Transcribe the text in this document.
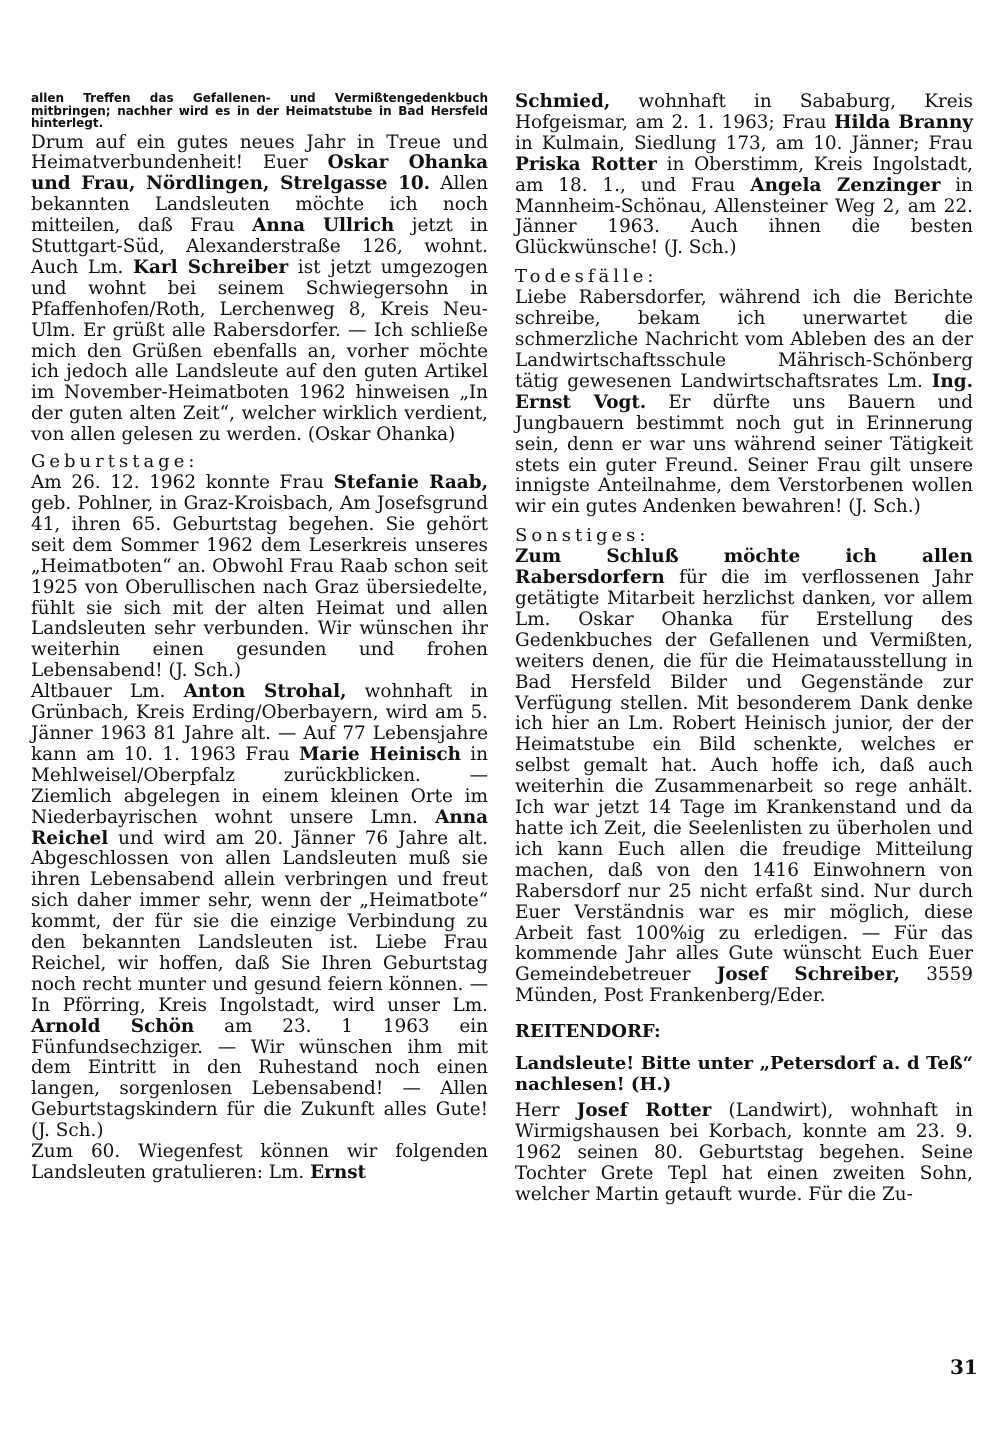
allen Treffen das Gefallenen- und Vermißtengedenkbuch mitbringen; nachher wird es in der Heimatstube in Bad Hersfeld hinterlegt.

Drum auf ein gutes neues Jahr in Treue und Heimatverbundenheit! Euer Oskar Ohanka und Frau, Nördlingen, Strelgasse 10. Allen bekannten Landsleuten möchte ich noch mitteilen, daß Frau Anna Ullrich jetzt in Stuttgart-Süd, Alexanderstraße 126, wohnt. Auch Lm. Karl Schreiber ist jetzt umgezogen und wohnt bei seinem Schwiegersohn in Pfaffenhofen/Roth, Lerchenweg 8, Kreis Neu-Ulm. Er grüßt alle Rabersdorfer. — Ich schließe mich den Grüßen ebenfalls an, vorher möchte ich jedoch alle Landsleute auf den guten Artikel im November-Heimatboten 1962 hinweisen „In der guten alten Zeit“, welcher wirklich verdient, von allen gelesen zu werden. (Oskar Ohanka)

Geburtstage:

Am 26. 12. 1962 konnte Frau Stefanie Raab, geb. Pohlner, in Graz-Kroisbach, Am Josefsgrund 41, ihren 65. Geburtstag begehen. Sie gehört seit dem Sommer 1962 dem Leserkreis unseres „Heimatboten“ an. Obwohl Frau Raab schon seit 1925 von Oberullischen nach Graz übersiedelte, fühlt sie sich mit der alten Heimat und allen Landsleuten sehr verbunden. Wir wünschen ihr weiterhin einen gesunden und frohen Lebensabend! (J. Sch.)

Altbauer Lm. Anton Strohal, wohnhaft in Grünbach, Kreis Erding/Oberbayern, wird am 5. Jänner 1963 81 Jahre alt. — Auf 77 Lebensjahre kann am 10. 1. 1963 Frau Marie Heinisch in Mehlweisel/Oberpfalz zurückblicken. — Ziemlich abgelegen in einem kleinen Orte im Niederbayrischen wohnt unsere Lmn. Anna Reichel und wird am 20. Jänner 76 Jahre alt. Abgeschlossen von allen Landsleuten muß sie ihren Lebensabend allein verbringen und freut sich daher immer sehr, wenn der „Heimatbote“ kommt, der für sie die einzige Verbindung zu den bekannten Landsleuten ist. Liebe Frau Reichel, wir hoffen, daß Sie Ihren Geburtstag noch recht munter und gesund feiern können. — In Pförring, Kreis Ingolstadt, wird unser Lm. Arnold Schön am 23. 1 1963 ein Fünfundsechziger. — Wir wünschen ihm mit dem Eintritt in den Ruhestand noch einen langen, sorgenlosen Lebensabend! — Allen Geburtstagskindern für die Zukunft alles Gute! (J. Sch.)

Zum 60. Wiegenfest können wir folgenden Landsleuten gratulieren: Lm. Ernst

Schmied, wohnhaft in Sababurg, Kreis Hofgeismar, am 2. 1. 1963; Frau Hilda Branny in Kulmain, Siedlung 173, am 10. Jänner; Frau Priska Rotter in Oberstimm, Kreis Ingolstadt, am 18. 1., und Frau Angela Zenzinger in Mannheim-Schönau, Allensteiner Weg 2, am 22. Jänner 1963. Auch ihnen die besten Glückwünsche! (J. Sch.)

Todesfälle:

Liebe Rabersdorfer, während ich die Berichte schreibe, bekam ich unerwartet die schmerzliche Nachricht vom Ableben des an der Landwirtschaftsschule Mährisch-Schönberg tätig gewesenen Landwirtschaftsrates Lm. Ing. Ernst Vogt. Er dürfte uns Bauern und Jungbauern bestimmt noch gut in Erinnerung sein, denn er war uns während seiner Tätigkeit stets ein guter Freund. Seiner Frau gilt unsere innigste Anteilnahme, dem Verstorbenen wollen wir ein gutes Andenken bewahren! (J. Sch.)

Sonstiges:

Zum Schluß möchte ich allen Rabersdorfern für die im verflossenen Jahr getätigte Mitarbeit herzlichst danken, vor allem Lm. Oskar Ohanka für Erstellung des Gedenkbuches der Gefallenen und Vermißten, weiters denen, die für die Heimatausstellung in Bad Hersfeld Bilder und Gegenstände zur Verfügung stellen. Mit besonderem Dank denke ich hier an Lm. Robert Heinisch junior, der der Heimatstube ein Bild schenkte, welches er selbst gemalt hat. Auch hoffe ich, daß auch weiterhin die Zusammenarbeit so rege anhält. Ich war jetzt 14 Tage im Krankenstand und da hatte ich Zeit, die Seelenlisten zu überholen und ich kann Euch allen die freudige Mitteilung machen, daß von den 1416 Einwohnern von Rabersdorf nur 25 nicht erfaßt sind. Nur durch Euer Verständnis war es mir möglich, diese Arbeit fast 100%ig zu erledigen. — Für das kommende Jahr alles Gute wünscht Euch Euer Gemeindebetreuer Josef Schreiber, 3559 Münden, Post Frankenberg/Eder.

REITENDORF:

Landsleute! Bitte unter „Petersdorf a. d Teß“ nachlesen! (H.)

Herr Josef Rotter (Landwirt), wohnhaft in Wirmigshausen bei Korbach, konnte am 23. 9. 1962 seinen 80. Geburtstag begehen. Seine Tochter Grete Tepl hat einen zweiten Sohn, welcher Martin getauft wurde. Für die Zu-

31
